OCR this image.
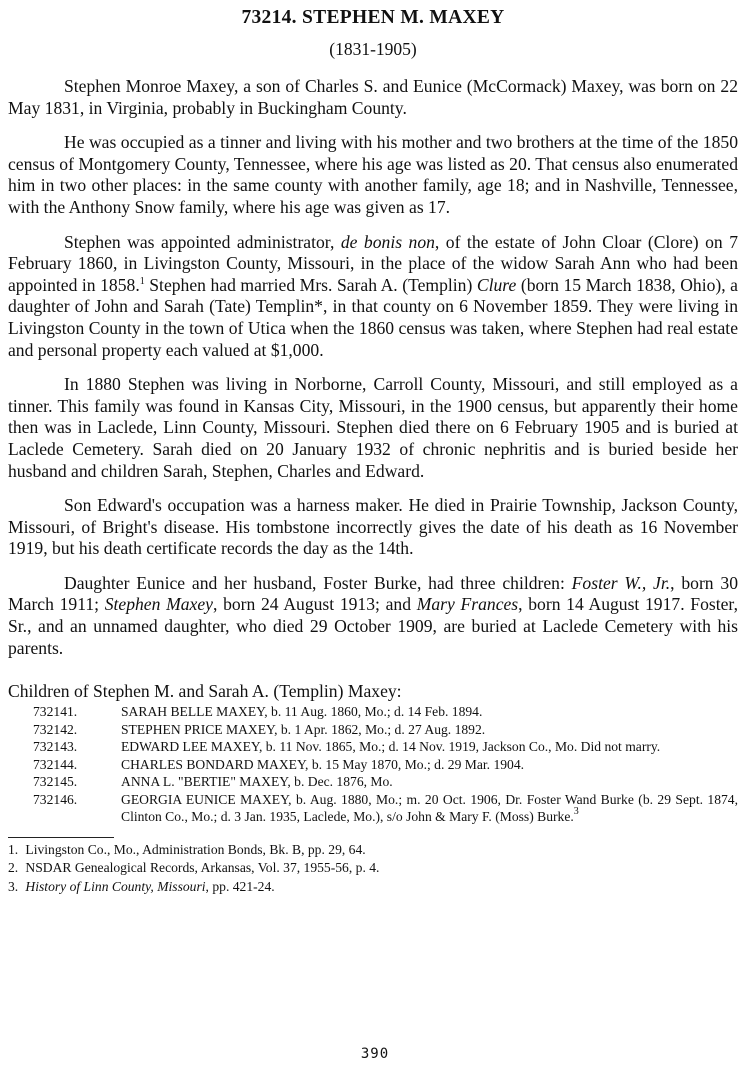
73214. STEPHEN M. MAXEY
(1831-1905)

Stephen Monroe Maxey, a son of Charles S. and Eunice (McCormack) Maxey, was born on 22 May 1831, in Virginia, probably in Buckingham County.

He was occupied as a tinner and living with his mother and two brothers at the time of the 1850 census of Montgomery County, Tennessee, where his age was listed as 20. That census also enumerated him in two other places: in the same county with another family, age 18; and in Nashville, Tennessee, with the Anthony Snow family, where his age was given as 17.

Stephen was appointed administrator, de bonis non, of the estate of John Cloar (Clore) on 7 February 1860, in Livingston County, Missouri, in the place of the widow Sarah Ann who had been appointed in 1858.$^1$ Stephen had married Mrs. Sarah A. (Templin) Clure (born 15 March 1838, Ohio), a daughter of John and Sarah (Tate) Templin*, in that county on 6 November 1859. They were living in Livingston County in the town of Utica when the 1860 census was taken, where Stephen had real estate and personal property each valued at $1,000.

In 1880 Stephen was living in Norborne, Carroll County, Missouri, and still employed as a tinner. This family was found in Kansas City, Missouri, in the 1900 census, but apparently their home then was in Laclede, Linn County, Missouri. Stephen died there on 6 February 1905 and is buried at Laclede Cemetery. Sarah died on 20 January 1932 of chronic nephritis and is buried beside her husband and children Sarah, Stephen, Charles and Edward.

Son Edward's occupation was a harness maker. He died in Prairie Township, Jackson County, Missouri, of Bright's disease. His tombstone incorrectly gives the date of his death as 16 November 1919, but his death certificate records the day as the 14th.

Daughter Eunice and her husband, Foster Burke, had three children: Foster W., Jr., born 30 March 1911; Stephen Maxey, born 24 August 1913; and Mary Frances, born 14 August 1917. Foster, Sr., and an unnamed daughter, who died 29 October 1909, are buried at Laclede Cemetery with his parents.

Children of Stephen M. and Sarah A. (Templin) Maxey:
732141.	SARAH BELLE MAXEY, b. 11 Aug. 1860, Mo.; d. 14 Feb. 1894.
732142.	STEPHEN PRICE MAXEY, b. 1 Apr. 1862, Mo.; d. 27 Aug. 1892.
732143.	EDWARD LEE MAXEY, b. 11 Nov. 1865, Mo.; d. 14 Nov. 1919, Jackson Co., Mo. Did not marry.
732144.	CHARLES BONDARD MAXEY, b. 15 May 1870, Mo.; d. 29 Mar. 1904.
732145.	ANNA L. "BERTIE" MAXEY, b. Dec. 1876, Mo.
732146.	GEORGIA EUNICE MAXEY, b. Aug. 1880, Mo.; m. 20 Oct. 1906, Dr. Foster Wand Burke (b. 29 Sept. 1874, Clinton Co., Mo.; d. 3 Jan. 1935, Laclede, Mo.), s/o John & Mary F. (Moss) Burke.$^3$
1. Livingston Co., Mo., Administration Bonds, Bk. B, pp. 29, 64.
2. NSDAR Genealogical Records, Arkansas, Vol. 37, 1955-56, p. 4.
3. History of Linn County, Missouri, pp. 421-24.
390
